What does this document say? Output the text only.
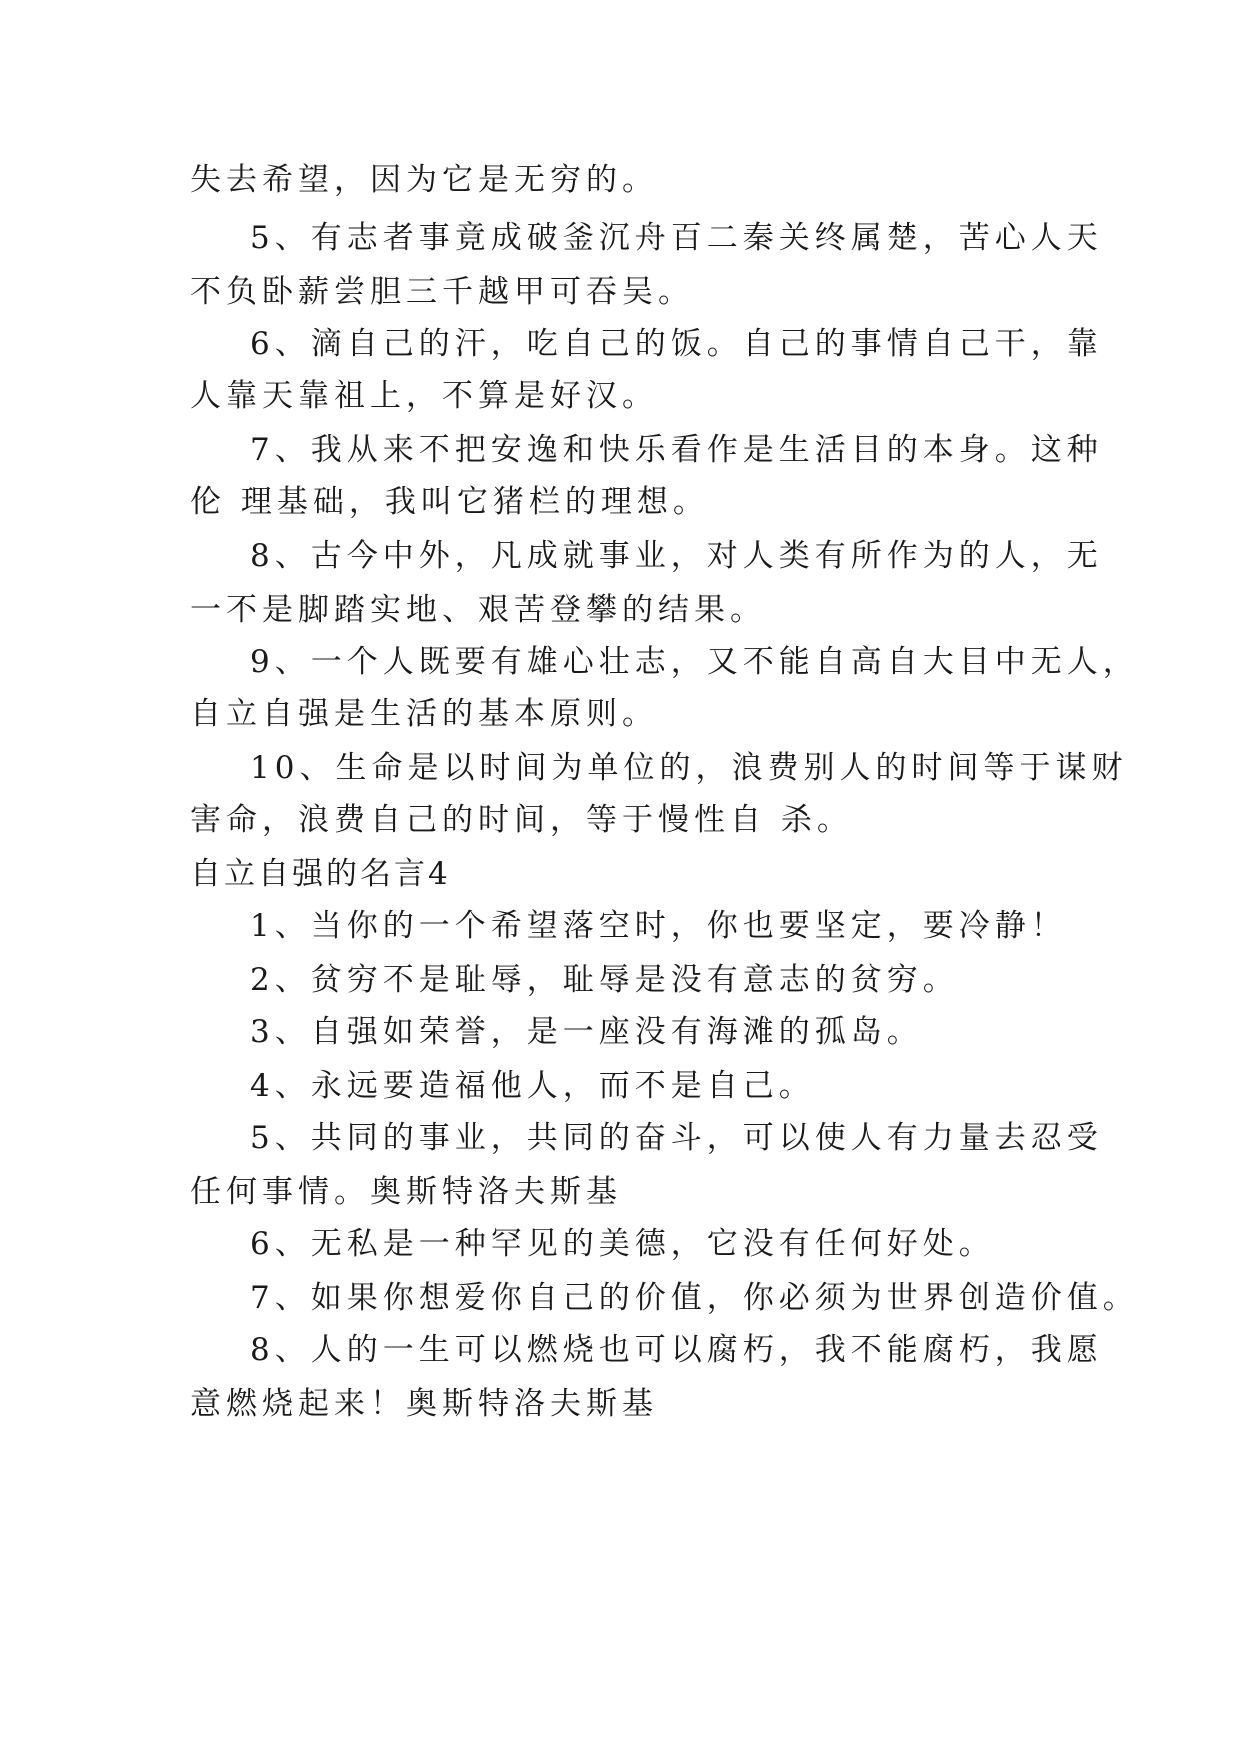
失去希望，因为它是无穷的。
5、有志者事竟成破釜沉舟百二秦关终属楚，苦心人天
不负卧薪尝胆三千越甲可吞吴。
6、滴自己的汗，吃自己的饭。自己的事情自己干，靠
人靠天靠祖上，不算是好汉。
7、我从来不把安逸和快乐看作是生活目的本身。这种
伦 理基础，我叫它猪栏的理想。
8、古今中外，凡成就事业，对人类有所作为的人，无
一不是脚踏实地、艰苦登攀的结果。
9、一个人既要有雄心壮志，又不能自高自大目中无人，
自立自强是生活的基本原则。
10、生命是以时间为单位的，浪费别人的时间等于谋财
害命，浪费自己的时间，等于慢性自 杀。
自立自强的名言4
1、当你的一个希望落空时，你也要坚定，要冷静！
2、贫穷不是耻辱，耻辱是没有意志的贫穷。
3、自强如荣誉，是一座没有海滩的孤岛。
4、永远要造福他人，而不是自己。
5、共同的事业，共同的奋斗，可以使人有力量去忍受
任何事情。奥斯特洛夫斯基
6、无私是一种罕见的美德，它没有任何好处。
7、如果你想爱你自己的价值，你必须为世界创造价值。
8、人的一生可以燃烧也可以腐朽，我不能腐朽，我愿
意燃烧起来！奥斯特洛夫斯基
